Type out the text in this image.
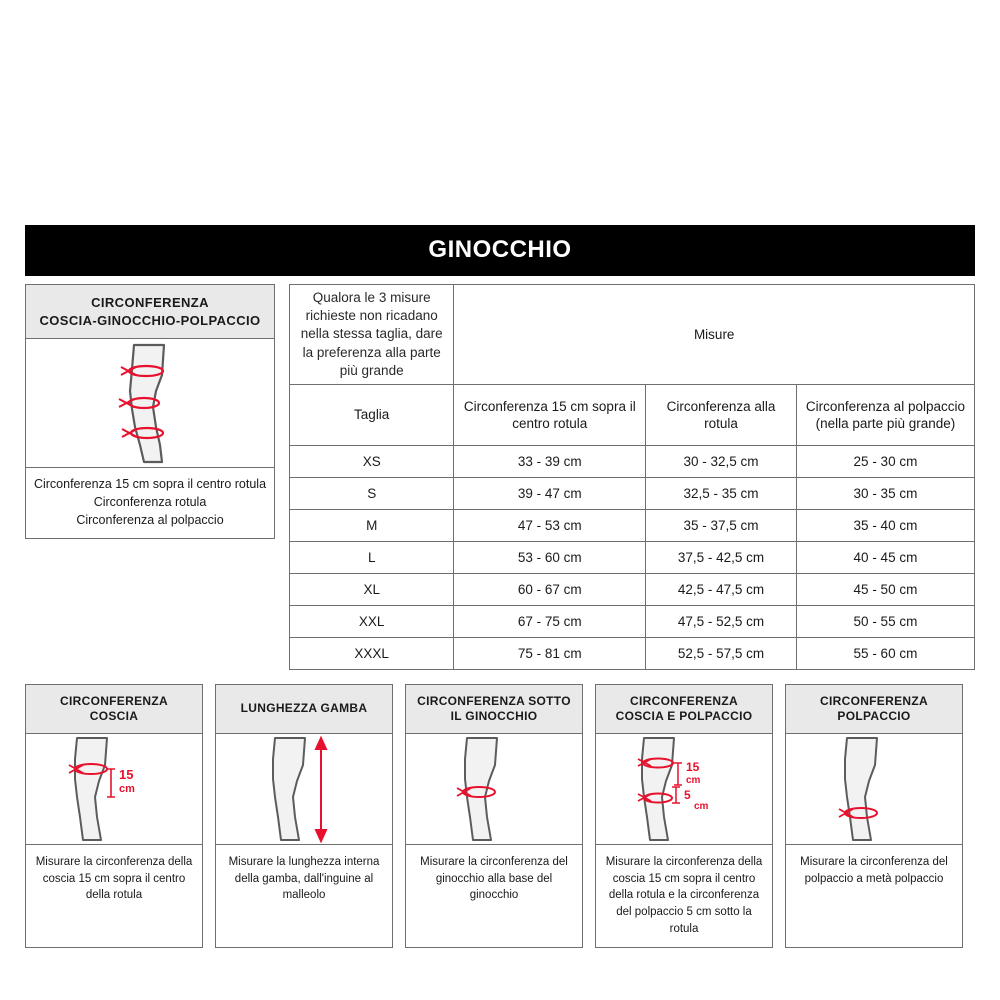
GINOCCHIO
CIRCONFERENZA
COSCIA-GINOCCHIO-POLPACCIO
Circonferenza 15 cm sopra il centro rotula
Circonferenza rotula
Circonferenza al polpaccio
Qualora le 3 misure richieste non ricadano nella stessa taglia, dare la preferenza alla parte più grande	Misure		
Taglia	Circonferenza 15 cm sopra il centro rotula	Circonferenza alla rotula	Circonferenza al polpaccio (nella parte più grande)
XS	33 - 39 cm	30 - 32,5 cm	25 - 30 cm
S	39 - 47 cm	32,5 - 35 cm	30 - 35 cm
M	47 - 53 cm	35 - 37,5 cm	35 - 40 cm
L	53 - 60 cm	37,5 - 42,5 cm	40 - 45 cm
XL	60 - 67 cm	42,5 - 47,5 cm	45 - 50 cm
XXL	67 - 75 cm	47,5 - 52,5 cm	50 - 55 cm
XXXL	75 - 81 cm	52,5 - 57,5 cm	55 - 60 cm
CIRCONFERENZA
COSCIA
15
cm
Misurare la circonferenza della coscia 15 cm sopra il centro della rotula
LUNGHEZZA GAMBA
Misurare la lunghezza interna della gamba, dall'inguine al malleolo
CIRCONFERENZA SOTTO
IL GINOCCHIO
Misurare la circonferenza del ginocchio alla base del ginocchio
CIRCONFERENZA
COSCIA E POLPACCIO
15
cm
5
cm
Misurare la circonferenza della coscia 15 cm sopra il centro della rotula e la circonferenza del polpaccio 5 cm sotto la rotula
CIRCONFERENZA
POLPACCIO
Misurare la circonferenza del polpaccio a metà polpaccio
